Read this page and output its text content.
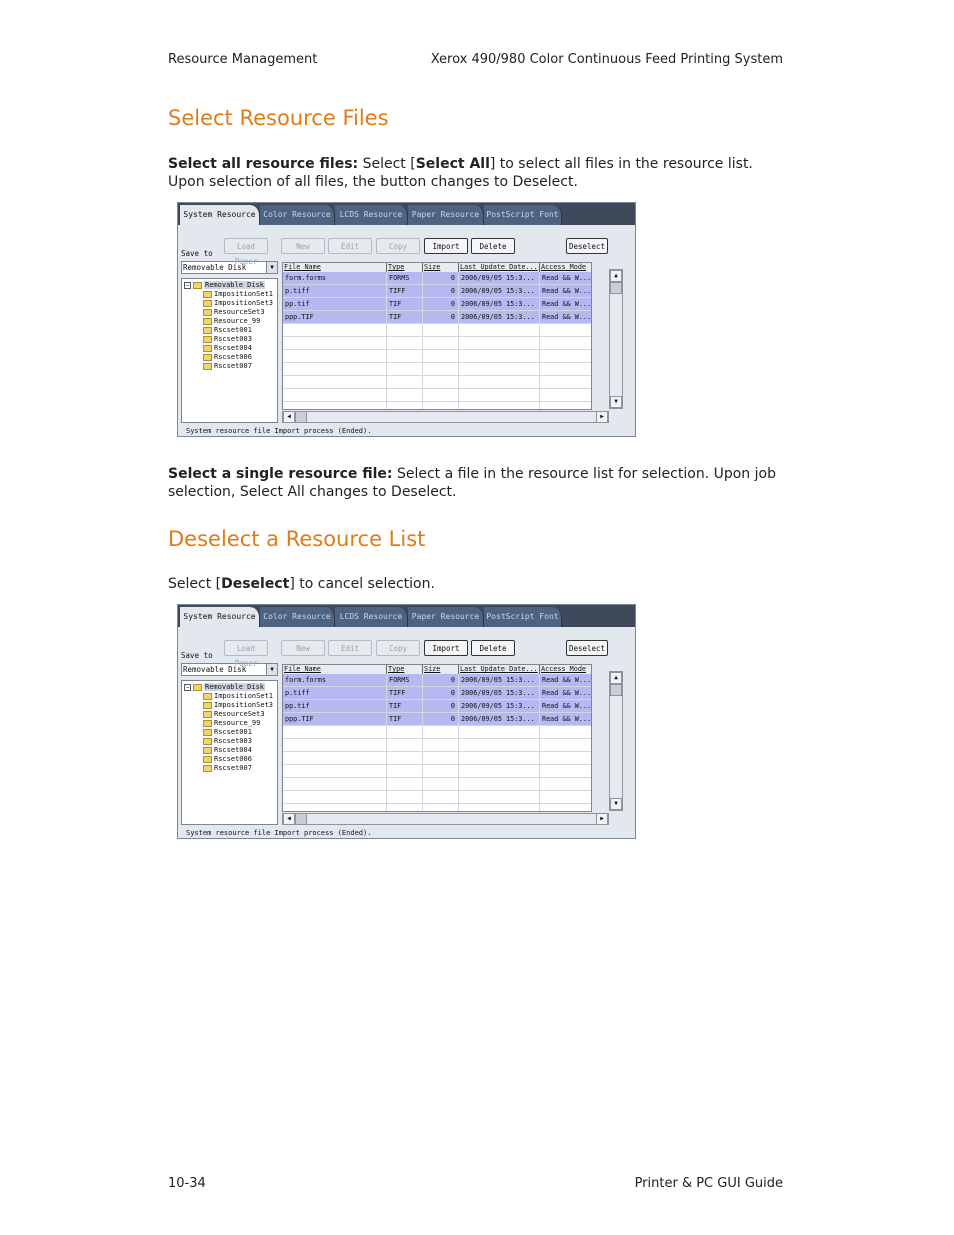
Resource Management	Xerox 490/980 Color Continuous Feed Printing System
Select Resource Files

Select all resource files: Select [Select All] to select all files in the resource list. Upon selection of all files, the button changes to Deselect.

System Resource Color Resource	LCDS Resource	Paper Resource PostScript Font
Save to
Removable Disk	▼
Load Paper
New	Edit	Copy	Import	Delete	Deselect
− Removable Disk
ImpositionSet1
ImpositionSet3
ResourceSet3
Resource_99
Rscset001
Rscset003
Rscset004
Rscset006
Rscset007
File Name	Type	Size	Last Update Date... Access Mode
form.forms	FORMS	0 2006/09/05 15:3...	Read && W...
p.tiff	TIFF	0 2006/09/05 15:3...	Read && W...
pp.tif	TIF	0 2006/09/05 15:3...	Read && W...
ppp.TIF	TIF	0 2006/09/05 15:3...	Read && W...
▲
▼
◀	▶
System resource file Import process (Ended).

Select a single resource file: Select a file in the resource list for selection. Upon job selection, Select All changes to Deselect.

Deselect a Resource List

Select [Deselect] to cancel selection.

System Resource Color Resource	LCDS Resource	Paper Resource PostScript Font
Save to
Removable Disk	▼
Load Paper
New	Edit	Copy	Import	Delete	Deselect
− Removable Disk
ImpositionSet1
ImpositionSet3
ResourceSet3
Resource_99
Rscset001
Rscset003
Rscset004
Rscset006
Rscset007
File Name	Type	Size	Last Update Date... Access Mode
form.forms	FORMS	0 2006/09/05 15:3...	Read && W...
p.tiff	TIFF	0 2006/09/05 15:3...	Read && W...
pp.tif	TIF	0 2006/09/05 15:3...	Read && W...
ppp.TIF	TIF	0 2006/09/05 15:3...	Read && W...
▲
▼
◀	▶
System resource file Import process (Ended).
10-34	Printer & PC GUI Guide
